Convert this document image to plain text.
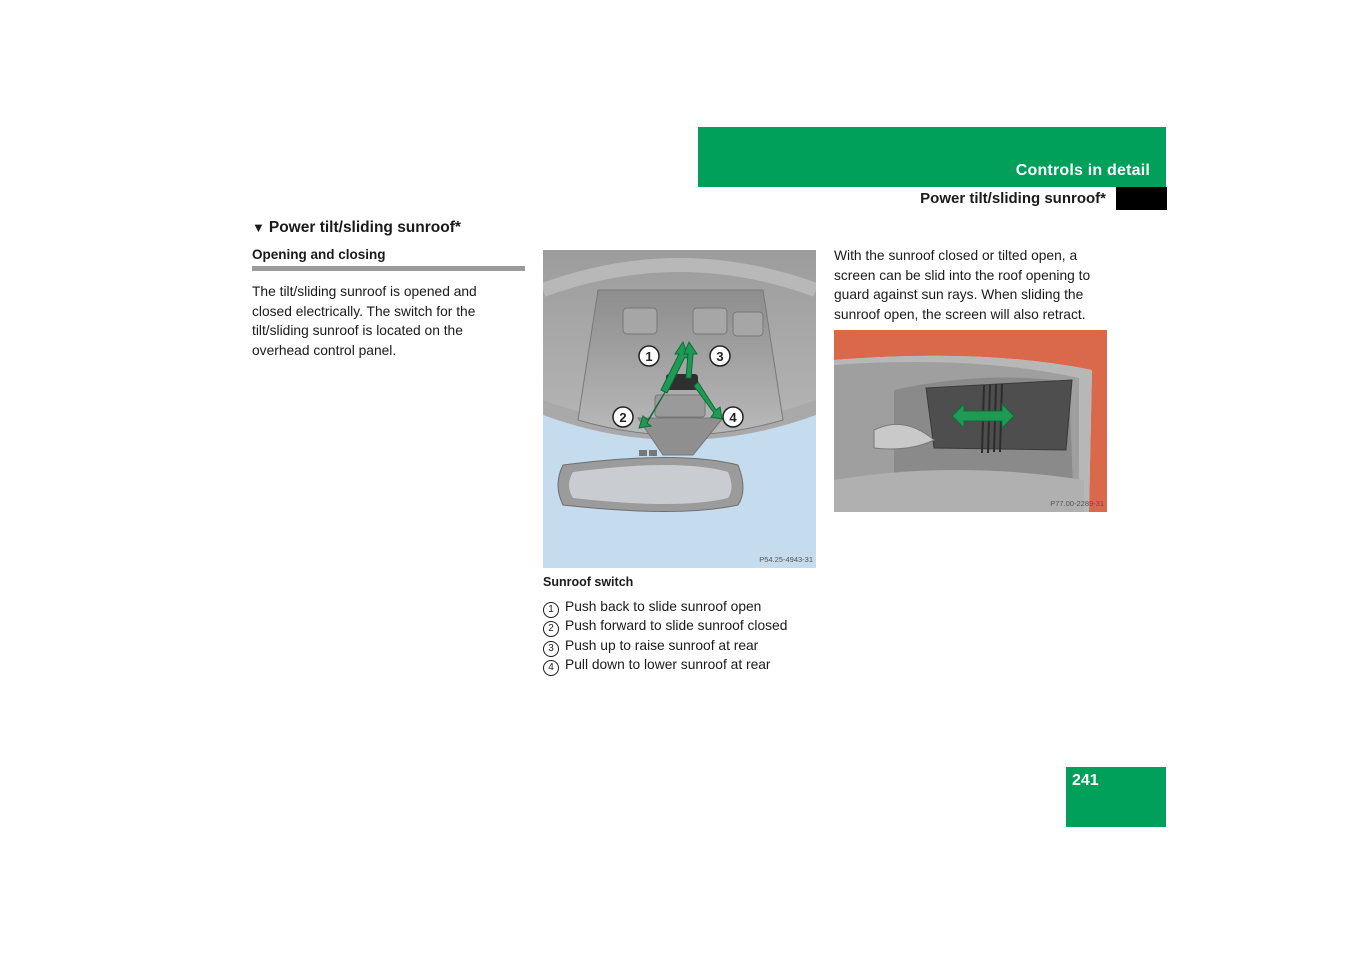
Controls in detail
Power tilt/sliding sunroof*
▼ Power tilt/sliding sunroof*
Opening and closing
The tilt/sliding sunroof is opened and closed electrically. The switch for the tilt/sliding sunroof is located on the overhead control panel.	1	3
2	4
P54.25-4943-31
Sunroof switch
1 Push back to slide sunroof open
2 Push forward to slide sunroof closed
3 Push up to raise sunroof at rear
4 Pull down to lower sunroof at rear
With the sunroof closed or tilted open, a screen can be slid into the roof opening to guard against sun rays. When sliding the sunroof open, the screen will also retract.
P77.00-2289-31
241
